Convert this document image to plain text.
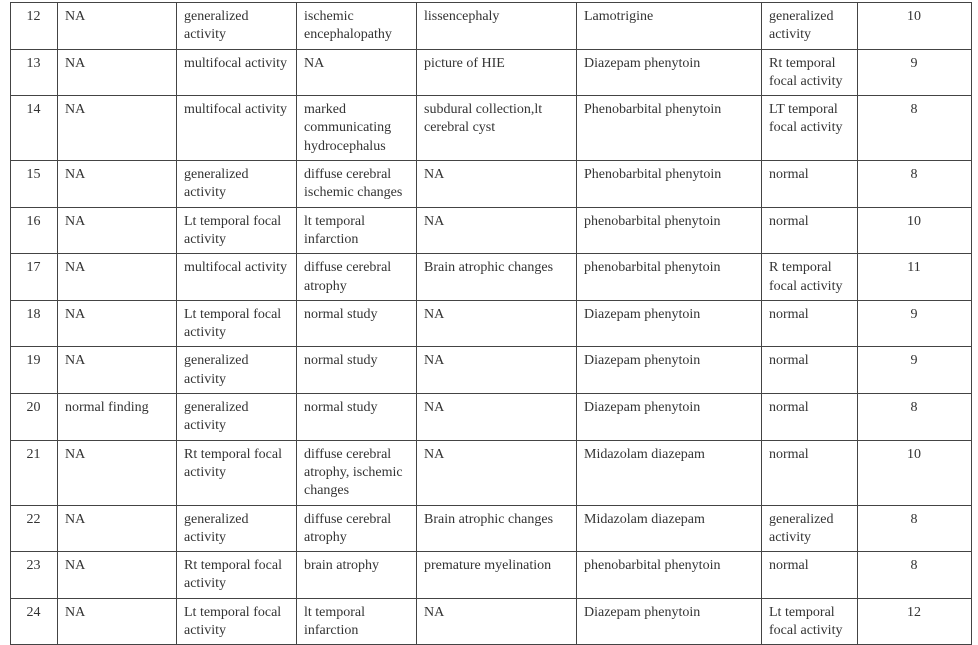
12	NA	generalized activity	ischemic encephalopathy	lissencephaly	Lamotrigine	generalized activity	10
13	NA	multifocal activity	NA	picture of HIE	Diazepam phenytoin	Rt temporal focal activity	9
14	NA	multifocal activity	marked communicating hydrocephalus	subdural collection,lt cerebral cyst	Phenobarbital phenytoin	LT temporal focal activity	8
15	NA	generalized activity	diffuse cerebral ischemic changes	NA	Phenobarbital phenytoin	normal	8
16	NA	Lt temporal focal activity	lt temporal infarction	NA	phenobarbital phenytoin	normal	10
17	NA	multifocal activity	diffuse cerebral atrophy	Brain atrophic changes	phenobarbital phenytoin	R temporal focal activity	11
18	NA	Lt temporal focal activity	normal study	NA	Diazepam phenytoin	normal	9
19	NA	generalized activity	normal study	NA	Diazepam phenytoin	normal	9
20	normal finding	generalized activity	normal study	NA	Diazepam phenytoin	normal	8
21	NA	Rt temporal focal activity	diffuse cerebral atrophy, ischemic changes	NA	Midazolam diazepam	normal	10
22	NA	generalized activity	diffuse cerebral atrophy	Brain atrophic changes	Midazolam diazepam	generalized activity	8
23	NA	Rt temporal focal activity	brain atrophy	premature myelination	phenobarbital phenytoin	normal	8
24	NA	Lt temporal focal activity	lt temporal infarction	NA	Diazepam phenytoin	Lt temporal focal activity	12
